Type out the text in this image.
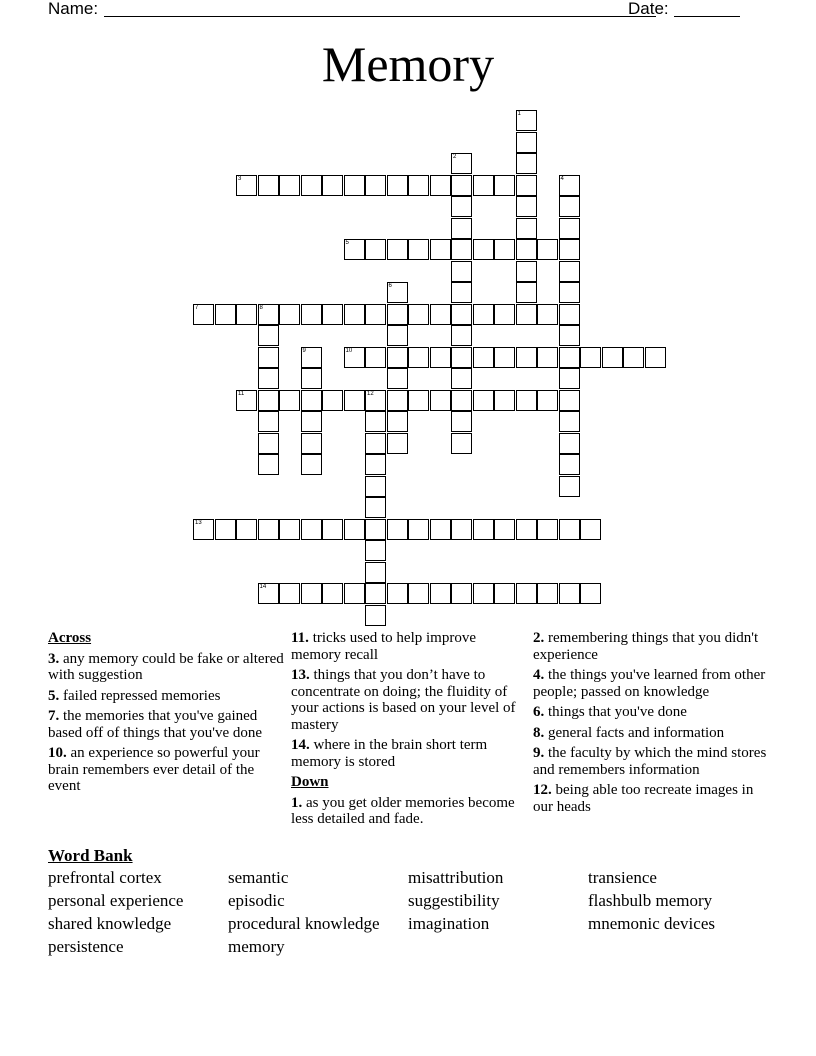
Name:	Date:
Memory
1
2
3	4
5
6
7	8
9	10
11	12
13
14
Across
3. any memory could be fake or altered with suggestion
5. failed repressed memories
7. the memories that you've gained based off of things that you've done
10. an experience so powerful your brain remembers ever detail of the event
11. tricks used to help improve memory recall
13. things that you don’t have to concentrate on doing; the fluidity of your actions is based on your level of mastery
14. where in the brain short term memory is stored
Down
1. as you get older memories become less detailed and fade.
2. remembering things that you didn't experience
4. the things you've learned from other people; passed on knowledge
6. things that you've done
8. general facts and information
9. the faculty by which the mind stores and remembers information
12. being able too recreate images in our heads
Word Bank
prefrontal cortex	semantic	misattribution	transience
personal experience	episodic	suggestibility	flashbulb memory
shared knowledge	procedural knowledge	imagination	mnemonic devices
persistence	memory
